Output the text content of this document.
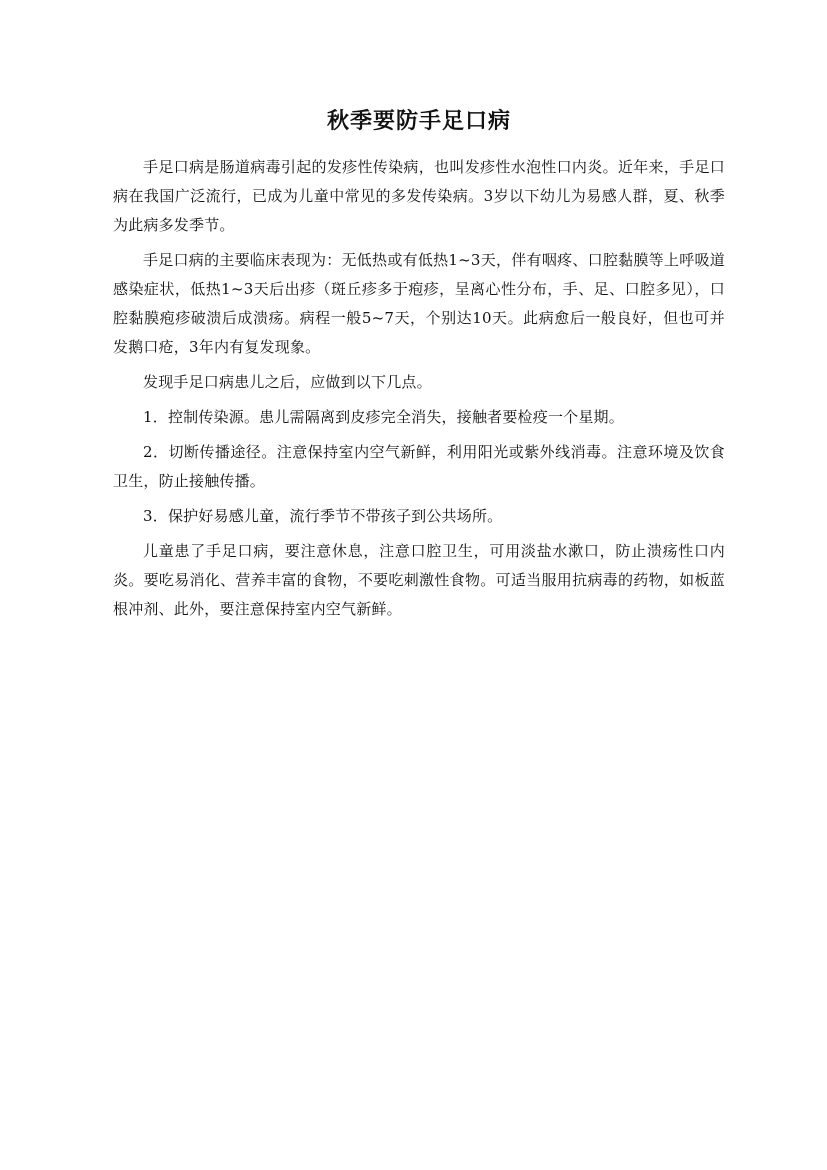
秋季要防手足口病

手足口病是肠道病毒引起的发疹性传染病，也叫发疹性水泡性口内炎。近年来，手足口病在我国广泛流行，已成为儿童中常见的多发传染病。3岁以下幼儿为易感人群，夏、秋季为此病多发季节。

手足口病的主要临床表现为：无低热或有低热1~3天，伴有咽疼、口腔黏膜等上呼吸道感染症状，低热1~3天后出疹（斑丘疹多于疱疹，呈离心性分布，手、足、口腔多见），口腔黏膜疱疹破溃后成溃疡。病程一般5~7天，个别达10天。此病愈后一般良好，但也可并发鹅口疮，3年内有复发现象。

发现手足口病患儿之后，应做到以下几点。

1．控制传染源。患儿需隔离到皮疹完全消失，接触者要检疫一个星期。

2．切断传播途径。注意保持室内空气新鲜，利用阳光或紫外线消毒。注意环境及饮食卫生，防止接触传播。

3．保护好易感儿童，流行季节不带孩子到公共场所。

儿童患了手足口病，要注意休息，注意口腔卫生，可用淡盐水漱口，防止溃疡性口内炎。要吃易消化、营养丰富的食物，不要吃刺激性食物。可适当服用抗病毒的药物，如板蓝根冲剂、此外，要注意保持室内空气新鲜。
